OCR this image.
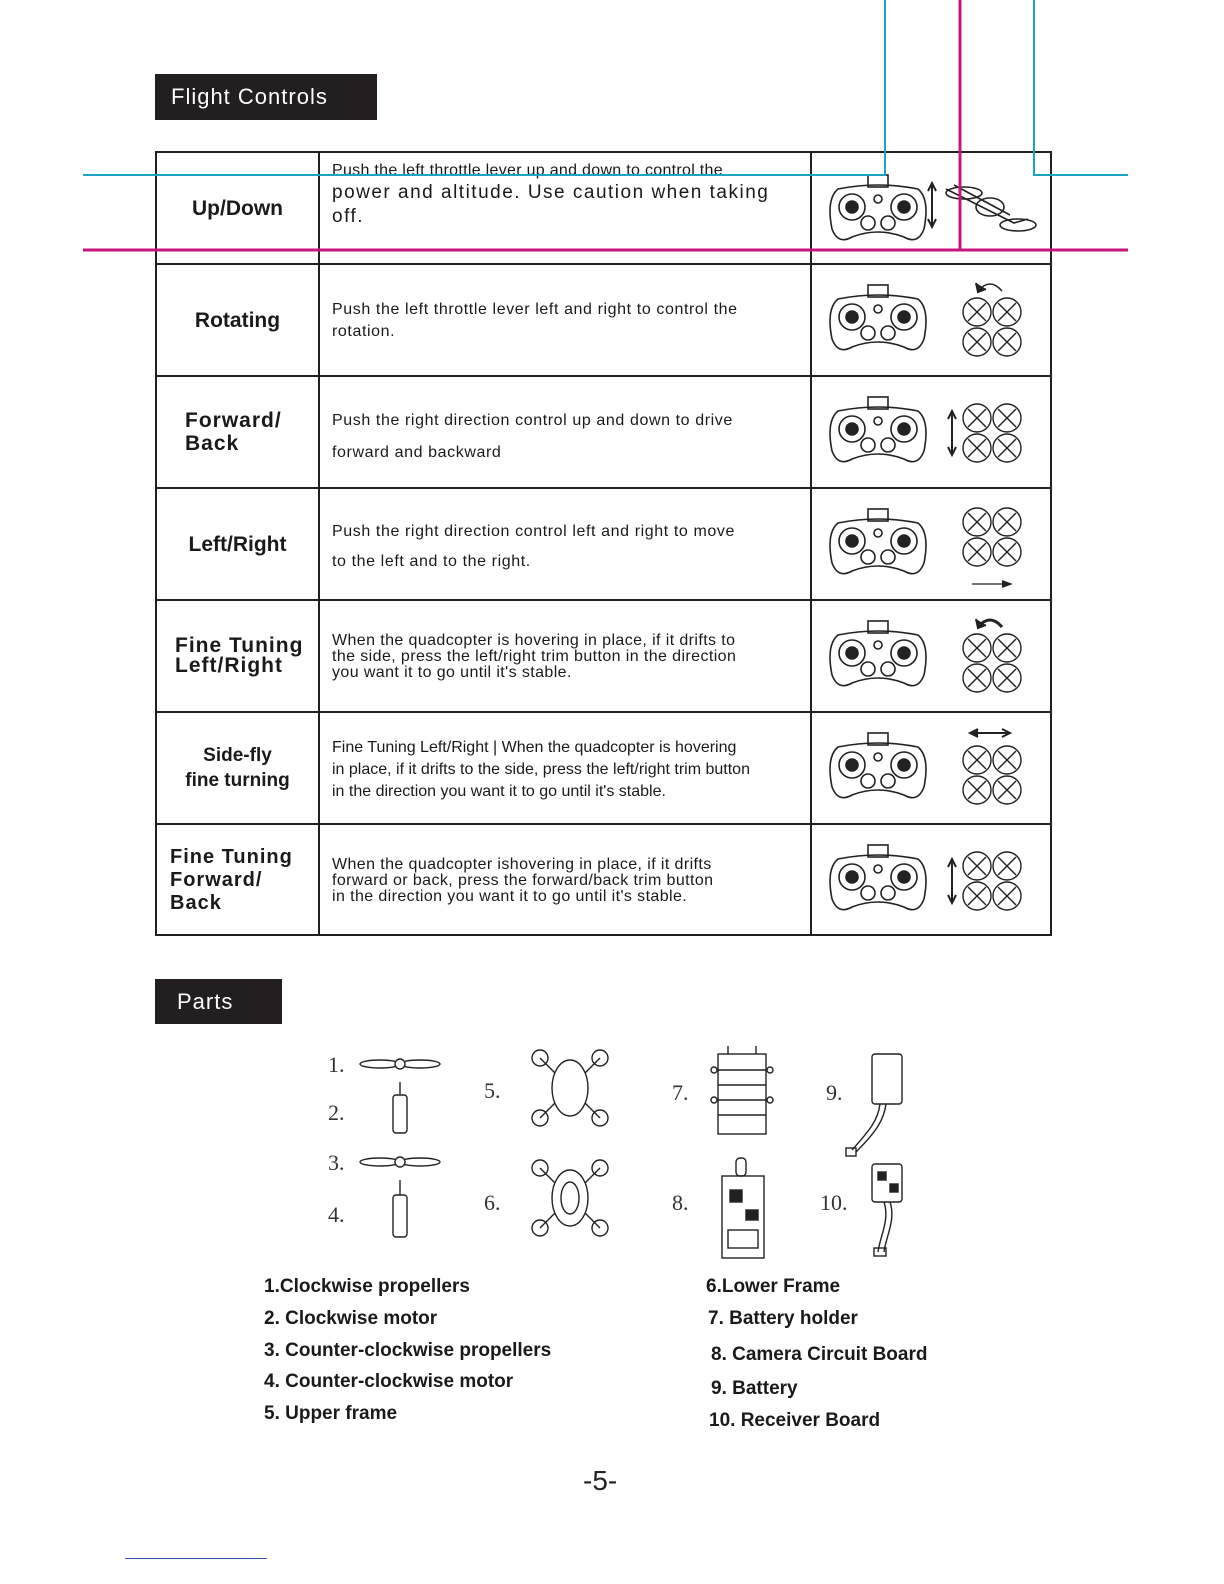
Flight Controls
Up/Down
Push the left throttle lever up and down to control the
power and altitude. Use caution when taking
off.
Rotating	Push the left throttle lever left and right to control the
rotation.
Forward/
Back
Push the right direction control up and down to drive
forward and backward
Left/Right
Push the right direction control left and right to move
to the left and to the right.
Fine Tuning
Left/Right
When the quadcopter is hovering in place, if it drifts to
the side, press the left/right trim button in the direction
you want it to go until it's stable.
Side-fly
fine turning
Fine Tuning Left/Right | When the quadcopter is hovering
in place, if it drifts to the side, press the left/right trim button
in the direction you want it to go until it's stable.
Fine Tuning
Forward/
Back
When the quadcopter ishovering in place, if it drifts
forward or back, press the forward/back trim button
in the direction you want it to go until it's stable.
Parts
1.
2.
3.
4.
5.
6.
7.
8.
9.
10.
1.Clockwise propellers
2. Clockwise motor
3. Counter-clockwise propellers
4. Counter-clockwise motor
5. Upper frame
6.Lower Frame
7. Battery holder
8. Camera Circuit Board
9. Battery
10. Receiver Board
-5-
